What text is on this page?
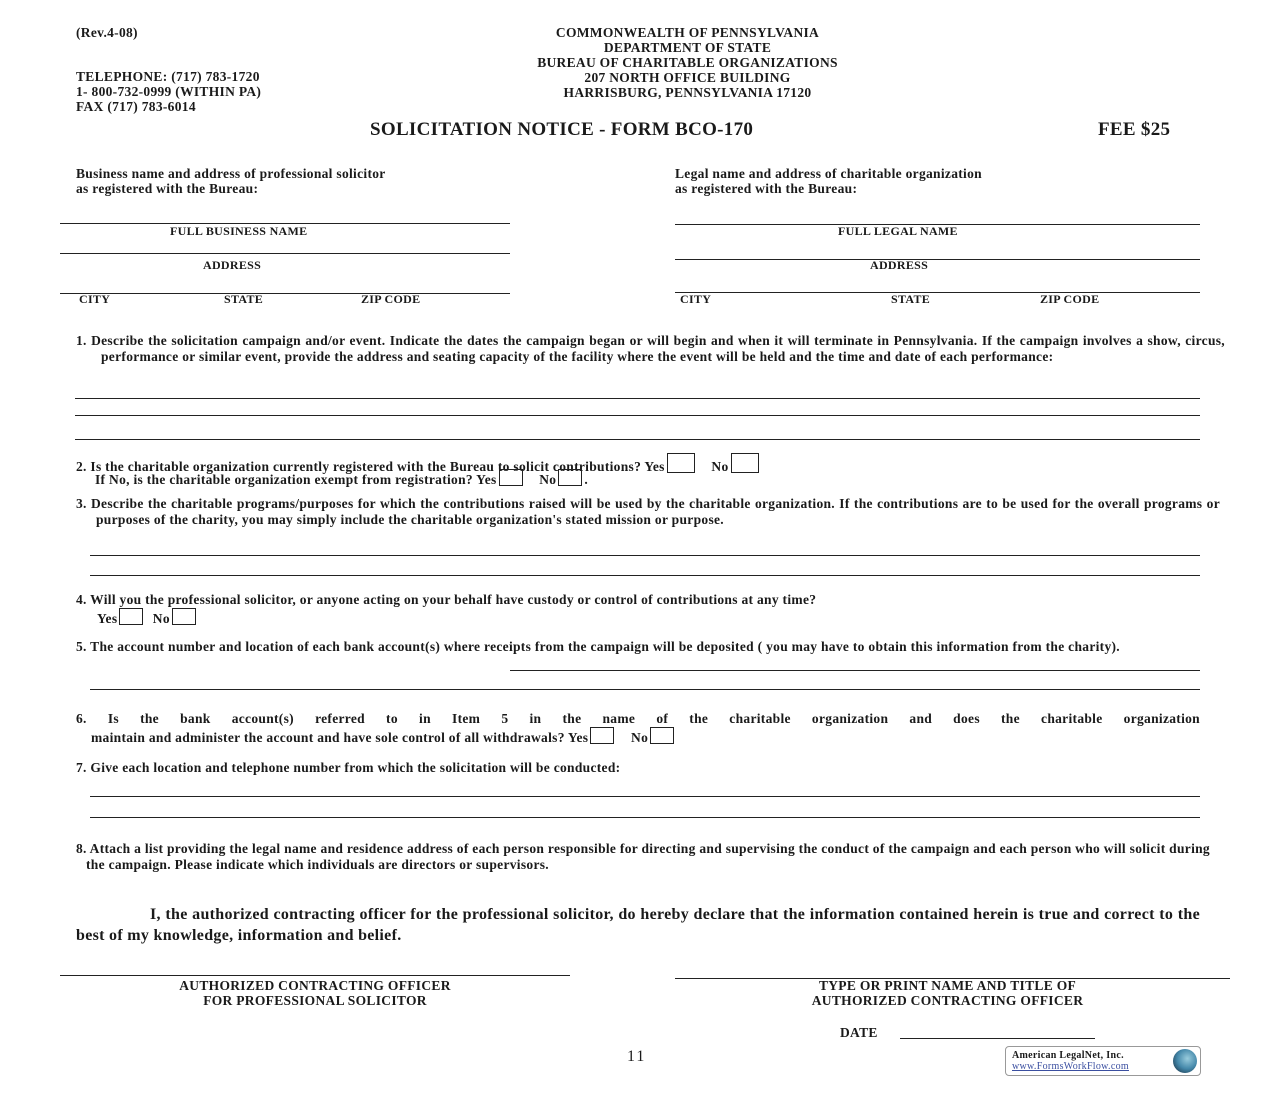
(Rev.4-08)	COMMONWEALTH OF PENNSYLVANIA
DEPARTMENT OF STATE
BUREAU OF CHARITABLE ORGANIZATIONS
207 NORTH OFFICE BUILDING
HARRISBURG, PENNSYLVANIA 17120
TELEPHONE: (717) 783-1720
1- 800-732-0999 (WITHIN PA)
FAX (717) 783-6014
SOLICITATION NOTICE - FORM BCO-170	FEE $25
Business name and address of professional solicitor
as registered with the Bureau:
FULL BUSINESS NAME
ADDRESS
CITY	STATE	ZIP CODE
Legal name and address of charitable organization
as registered with the Bureau:
FULL LEGAL NAME
ADDRESS
CITY	STATE	ZIP CODE
1. Describe the solicitation campaign and/or event. Indicate the dates the campaign began or will begin and when it will terminate in Pennsylvania. If the campaign involves a show, circus, performance or similar event, provide the address and seating capacity of the facility where the event will be held and the time and date of each performance:
2. Is the charitable organization currently registered with the Bureau to solicit contributions? Yes	No
If No, is the charitable organization exempt from registration? Yes	No .
3. Describe the charitable programs/purposes for which the contributions raised will be used by the charitable organization. If the contributions are to be used for the overall programs or purposes of the charity, you may simply include the charitable organization's stated mission or purpose.
4. Will you the professional solicitor, or anyone acting on your behalf have custody or control of contributions at any time?
Yes	No
5. The account number and location of each bank account(s) where receipts from the campaign will be deposited ( you may have to obtain this information from the charity).
6. Is the bank account(s) referred to in Item 5 in the name of the charitable organization and does the charitable organization
maintain and administer the account and have sole control of all withdrawals? Yes	No
7. Give each location and telephone number from which the solicitation will be conducted:
8. Attach a list providing the legal name and residence address of each person responsible for directing and supervising the conduct of the campaign and each person who will solicit during the campaign. Please indicate which individuals are directors or supervisors.
I, the authorized contracting officer for the professional solicitor, do hereby declare that the information contained herein is true and correct to the best of my knowledge, information and belief.
AUTHORIZED CONTRACTING OFFICER
FOR PROFESSIONAL SOLICITOR
TYPE OR PRINT NAME AND TITLE OF
AUTHORIZED CONTRACTING OFFICER
DATE
11	American LegalNet, Inc.
www.FormsWorkFlow.com
